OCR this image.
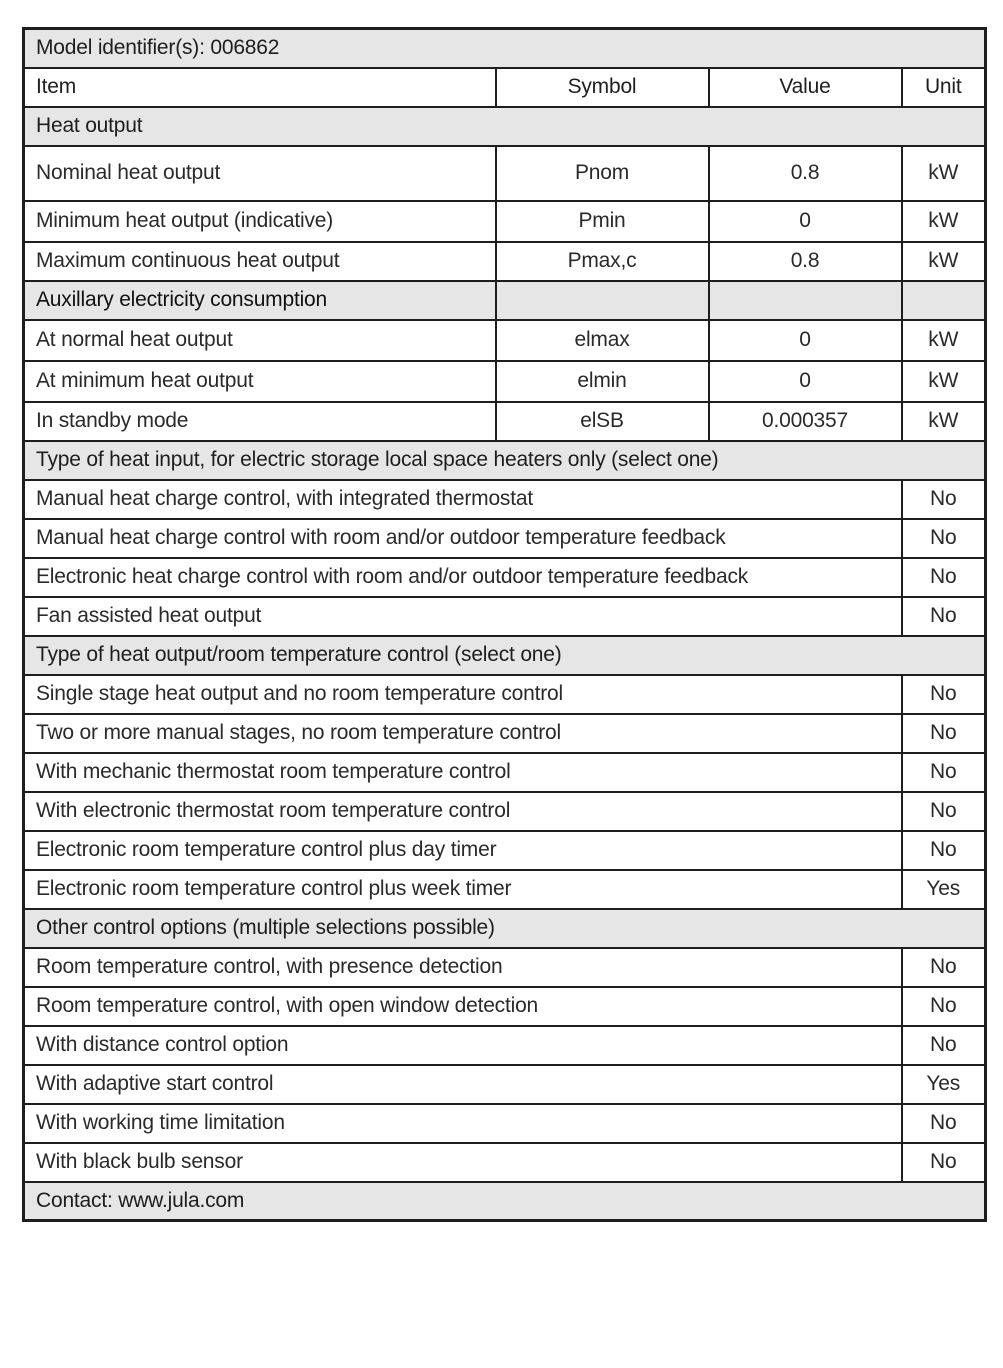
Model identifier(s): 006862			
Item	Symbol	Value	Unit
Heat output			
Nominal heat output	Pnom	0.8	kW
Minimum heat output (indicative)	Pmin	0	kW
Maximum continuous heat output	Pmax,c	0.8	kW
Auxillary electricity consumption			
At normal heat output	elmax	0	kW
At minimum heat output	elmin	0	kW
In standby mode	elSB	0.000357	kW
Type of heat input, for electric storage local space heaters only (select one)			
Manual heat charge control, with integrated thermostat			No
Manual heat charge control with room and/or outdoor temperature feedback			No
Electronic heat charge control with room and/or outdoor temperature feedback			No
Fan assisted heat output			No
Type of heat output/room temperature control (select one)			
Single stage heat output and no room temperature control			No
Two or more manual stages, no room temperature control			No
With mechanic thermostat room temperature control			No
With electronic thermostat room temperature control			No
Electronic room temperature control plus day timer			No
Electronic room temperature control plus week timer			Yes
Other control options (multiple selections possible)			
Room temperature control, with presence detection			No
Room temperature control, with open window detection			No
With distance control option			No
With adaptive start control			Yes
With working time limitation			No
With black bulb sensor			No
Contact: www.jula.com			
